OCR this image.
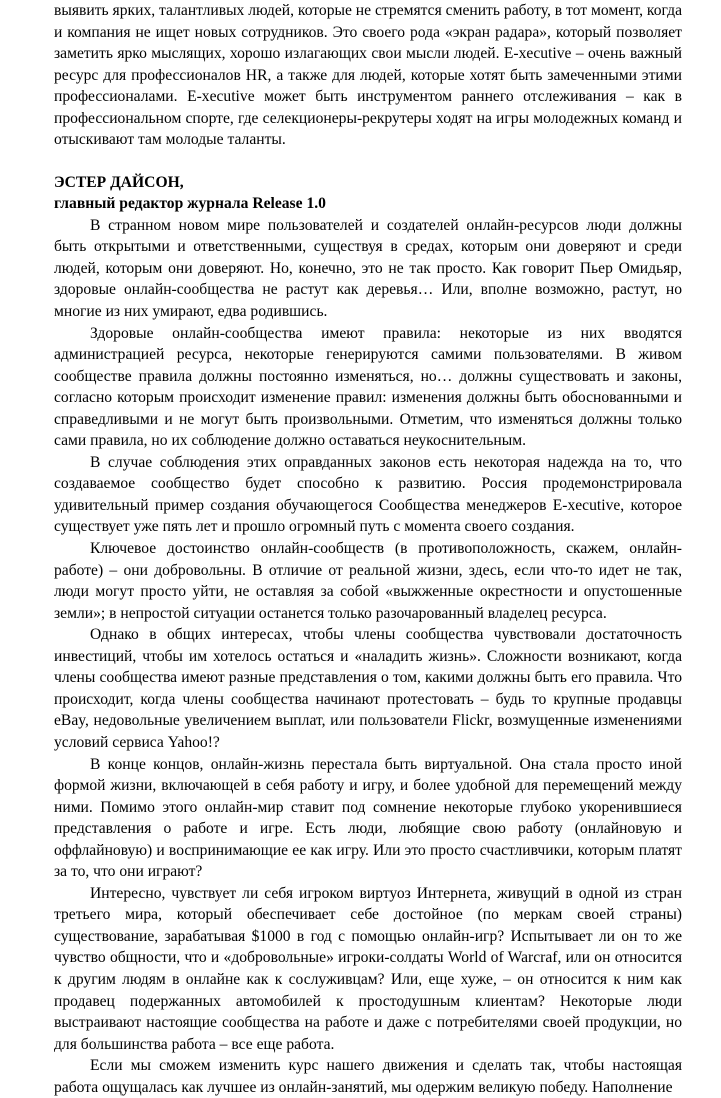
выявить ярких, талантливых людей, которые не стремятся сменить работу, в тот момент, когда и компания не ищет новых сотрудников. Это своего рода «экран радара», который позволяет заметить ярко мыслящих, хорошо излагающих свои мысли людей. E-xecutive – очень важный ресурс для профессионалов HR, а также для людей, которые хотят быть замеченными этими профессионалами. E-xecutive может быть инструментом раннего отслеживания – как в профессиональном спорте, где селекционеры-рекрутеры ходят на игры молодежных команд и отыскивают там молодые таланты.

ЭСТЕР ДАЙСОН,
главный редактор журнала Release 1.0

В странном новом мире пользователей и создателей онлайн-ресурсов люди должны быть открытыми и ответственными, существуя в средах, которым они доверяют и среди людей, которым они доверяют. Но, конечно, это не так просто. Как говорит Пьер Омидьяр, здоровые онлайн-сообщества не растут как деревья… Или, вполне возможно, растут, но многие из них умирают, едва родившись.

Здоровые онлайн-сообщества имеют правила: некоторые из них вводятся администрацией ресурса, некоторые генерируются самими пользователями. В живом сообществе правила должны постоянно изменяться, но… должны существовать и законы, согласно которым происходит изменение правил: изменения должны быть обоснованными и справедливыми и не могут быть произвольными. Отметим, что изменяться должны только сами правила, но их соблюдение должно оставаться неукоснительным.

В случае соблюдения этих оправданных законов есть некоторая надежда на то, что создаваемое сообщество будет способно к развитию. Россия продемонстрировала удивительный пример создания обучающегося Сообщества менеджеров E-xecutive, которое существует уже пять лет и прошло огромный путь с момента своего создания.

Ключевое достоинство онлайн-сообществ (в противоположность, скажем, онлайн-работе) – они добровольны. В отличие от реальной жизни, здесь, если что-то идет не так, люди могут просто уйти, не оставляя за собой «выжженные окрестности и опустошенные земли»; в непростой ситуации останется только разочарованный владелец ресурса.

Однако в общих интересах, чтобы члены сообщества чувствовали достаточность инвестиций, чтобы им хотелось остаться и «наладить жизнь». Сложности возникают, когда члены сообщества имеют разные представления о том, какими должны быть его правила. Что происходит, когда члены сообщества начинают протестовать – будь то крупные продавцы eBay, недовольные увеличением выплат, или пользователи Flickr, возмущенные изменениями условий сервиса Yahoo!?

В конце концов, онлайн-жизнь перестала быть виртуальной. Она стала просто иной формой жизни, включающей в себя работу и игру, и более удобной для перемещений между ними. Помимо этого онлайн-мир ставит под сомнение некоторые глубоко укоренившиеся представления о работе и игре. Есть люди, любящие свою работу (онлайновую и оффлайновую) и воспринимающие ее как игру. Или это просто счастливчики, которым платят за то, что они играют?

Интересно, чувствует ли себя игроком виртуоз Интернета, живущий в одной из стран третьего мира, который обеспечивает себе достойное (по меркам своей страны) существование, зарабатывая $1000 в год с помощью онлайн-игр? Испытывает ли он то же чувство общности, что и «добровольные» игроки-солдаты World of Warcraf, или он относится к другим людям в онлайне как к сослуживцам? Или, еще хуже, – он относится к ним как продавец подержанных автомобилей к простодушным клиентам? Некоторые люди выстраивают настоящие сообщества на работе и даже с потребителями своей продукции, но для большинства работа – все еще работа.

Если мы сможем изменить курс нашего движения и сделать так, чтобы настоящая работа ощущалась как лучшее из онлайн-занятий, мы одержим великую победу. Наполнение
